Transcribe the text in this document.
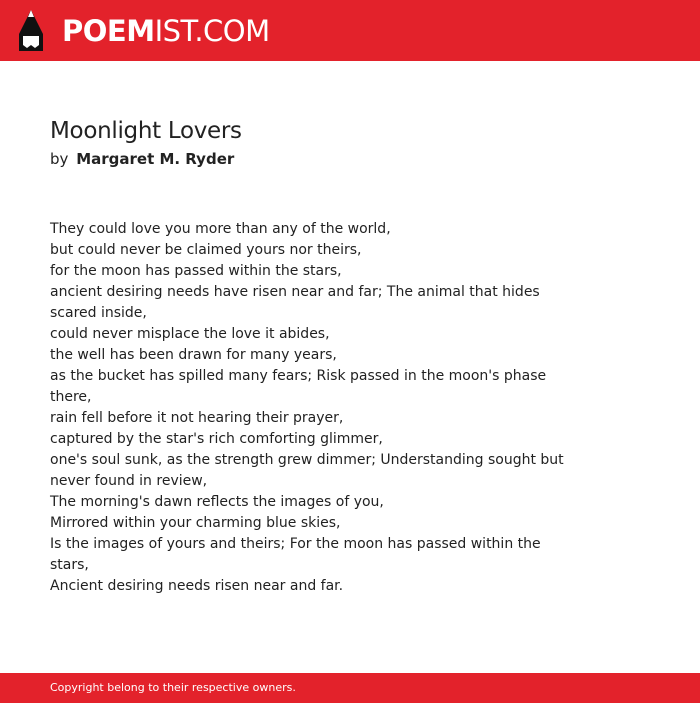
POEMIST.COM
Moonlight Lovers
by Margaret M. Ryder
They could love you more than any of the world,
but could never be claimed yours nor theirs,
for the moon has passed within the stars,
ancient desiring needs have risen near and far; The animal that hides
scared inside,
could never misplace the love it abides,
the well has been drawn for many years,
as the bucket has spilled many fears; Risk passed in the moon's phase
there,
rain fell before it not hearing their prayer,
captured by the star's rich comforting glimmer,
one's soul sunk, as the strength grew dimmer; Understanding sought but
never found in review,
The morning's dawn reflects the images of you,
Mirrored within your charming blue skies,
Is the images of yours and theirs; For the moon has passed within the
stars,
Ancient desiring needs risen near and far.
Copyright belong to their respective owners.
